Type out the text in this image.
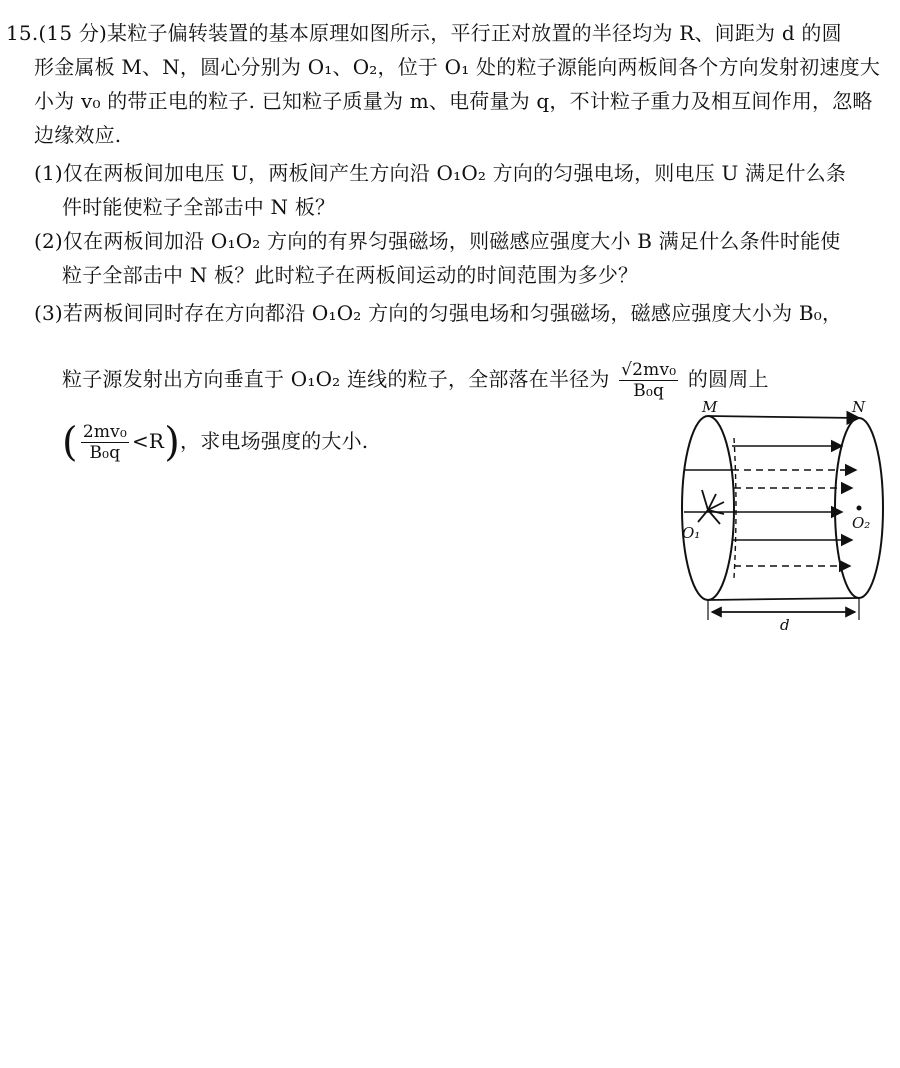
15.(15 分)某粒子偏转装置的基本原理如图所示，平行正对放置的半径均为 R、间距为 d 的圆
形金属板 M、N，圆心分别为 O₁、O₂，位于 O₁ 处的粒子源能向两板间各个方向发射初速度大
小为 v₀ 的带正电的粒子. 已知粒子质量为 m、电荷量为 q，不计粒子重力及相互间作用，忽略
边缘效应.
(1)仅在两板间加电压 U，两板间产生方向沿 O₁O₂ 方向的匀强电场，则电压 U 满足什么条
件时能使粒子全部击中 N 板？
(2)仅在两板间加沿 O₁O₂ 方向的有界匀强磁场，则磁感应强度大小 B 满足什么条件时能使
粒子全部击中 N 板？此时粒子在两板间运动的时间范围为多少？
(3)若两板间同时存在方向都沿 O₁O₂ 方向的匀强电场和匀强磁场，磁感应强度大小为 B₀，
粒子源发射出方向垂直于 O₁O₂ 连线的粒子，全部落在半径为 $\frac{\text{√2mv₀}}{\text{B₀q}}$ 的圆周上
( $\frac{\text{2mv₀}}{\text{B₀q}} <R$)，求电场强度的大小.
M	N
O₁
O₂
d
